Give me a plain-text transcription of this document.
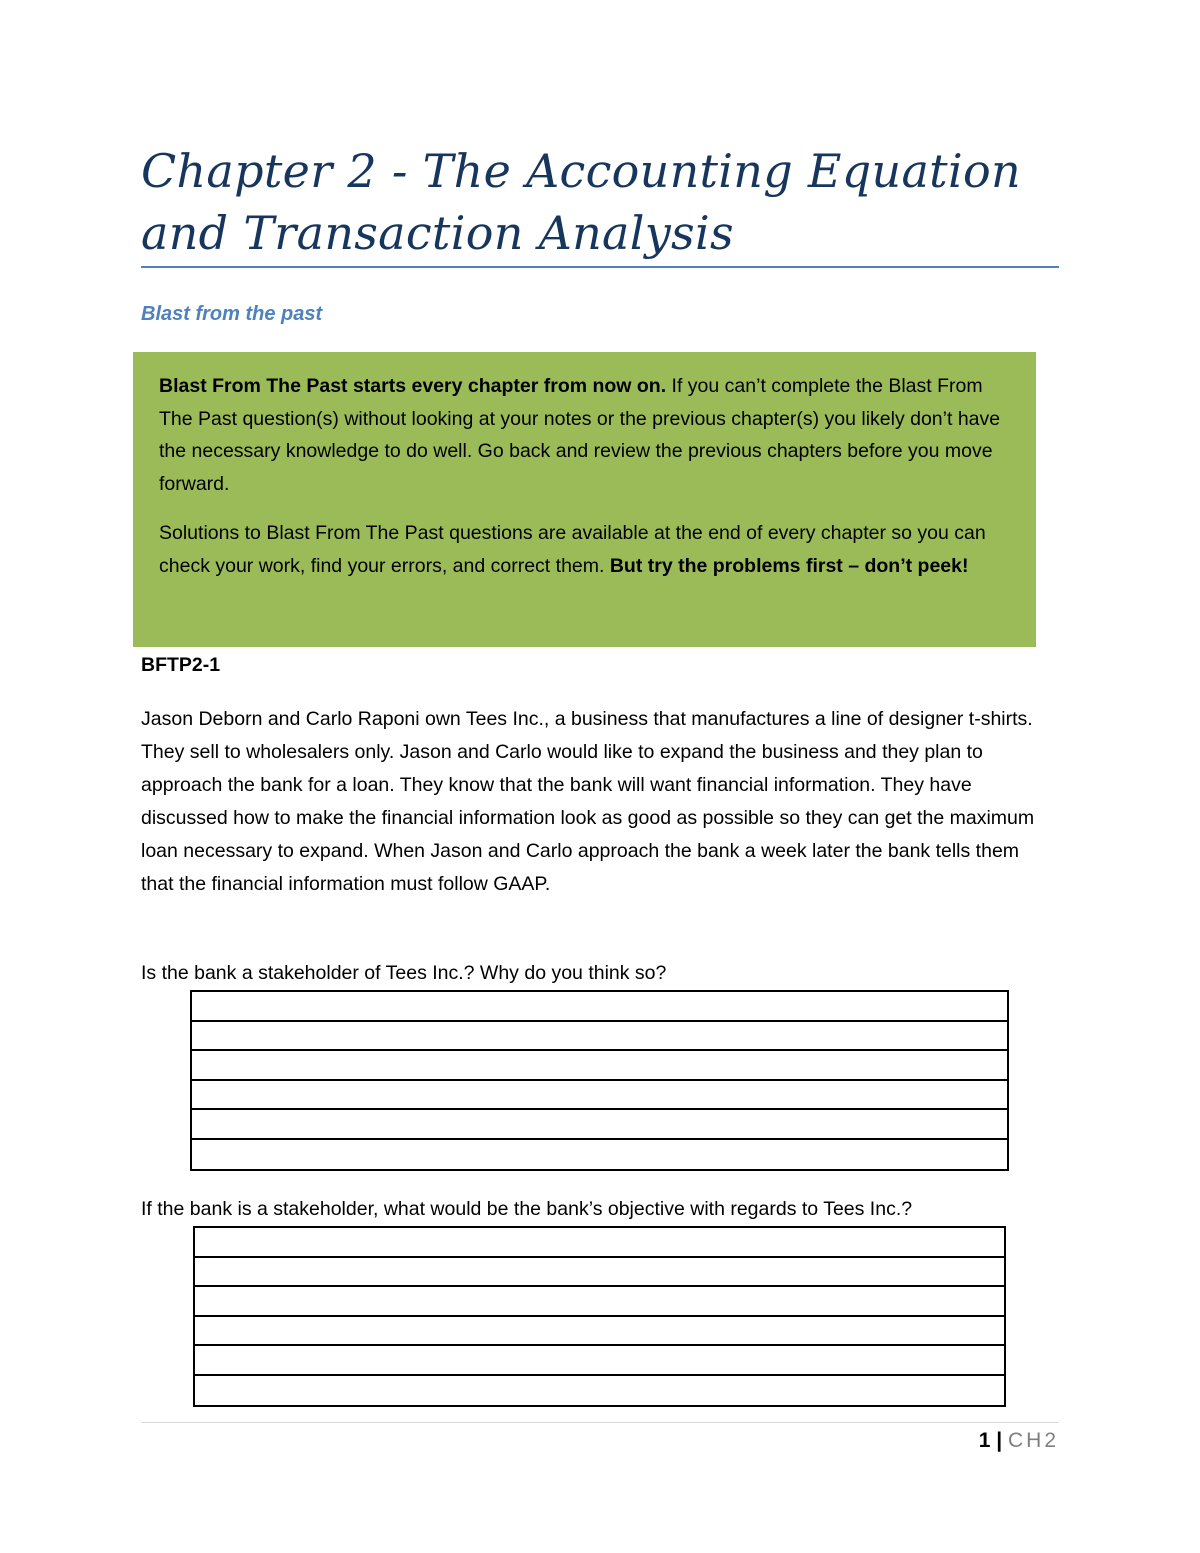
Chapter 2 - The Accounting Equation and Transaction Analysis
Blast from the past

Blast From The Past starts every chapter from now on. If you can’t complete the Blast From The Past question(s) without looking at your notes or the previous chapter(s) you likely don’t have the necessary knowledge to do well. Go back and review the previous chapters before you move forward.

Solutions to Blast From The Past questions are available at the end of every chapter so you can check your work, find your errors, and correct them. But try the problems first – don’t peek!

BFTP2-1

Jason Deborn and Carlo Raponi own Tees Inc., a business that manufactures a line of designer t-shirts. They sell to wholesalers only. Jason and Carlo would like to expand the business and they plan to approach the bank for a loan. They know that the bank will want financial information. They have discussed how to make the financial information look as good as possible so they can get the maximum loan necessary to expand. When Jason and Carlo approach the bank a week later the bank tells them that the financial information must follow GAAP.

Is the bank a stakeholder of Tees Inc.? Why do you think so?

If the bank is a stakeholder, what would be the bank’s objective with regards to Tees Inc.?

1 | CH2
